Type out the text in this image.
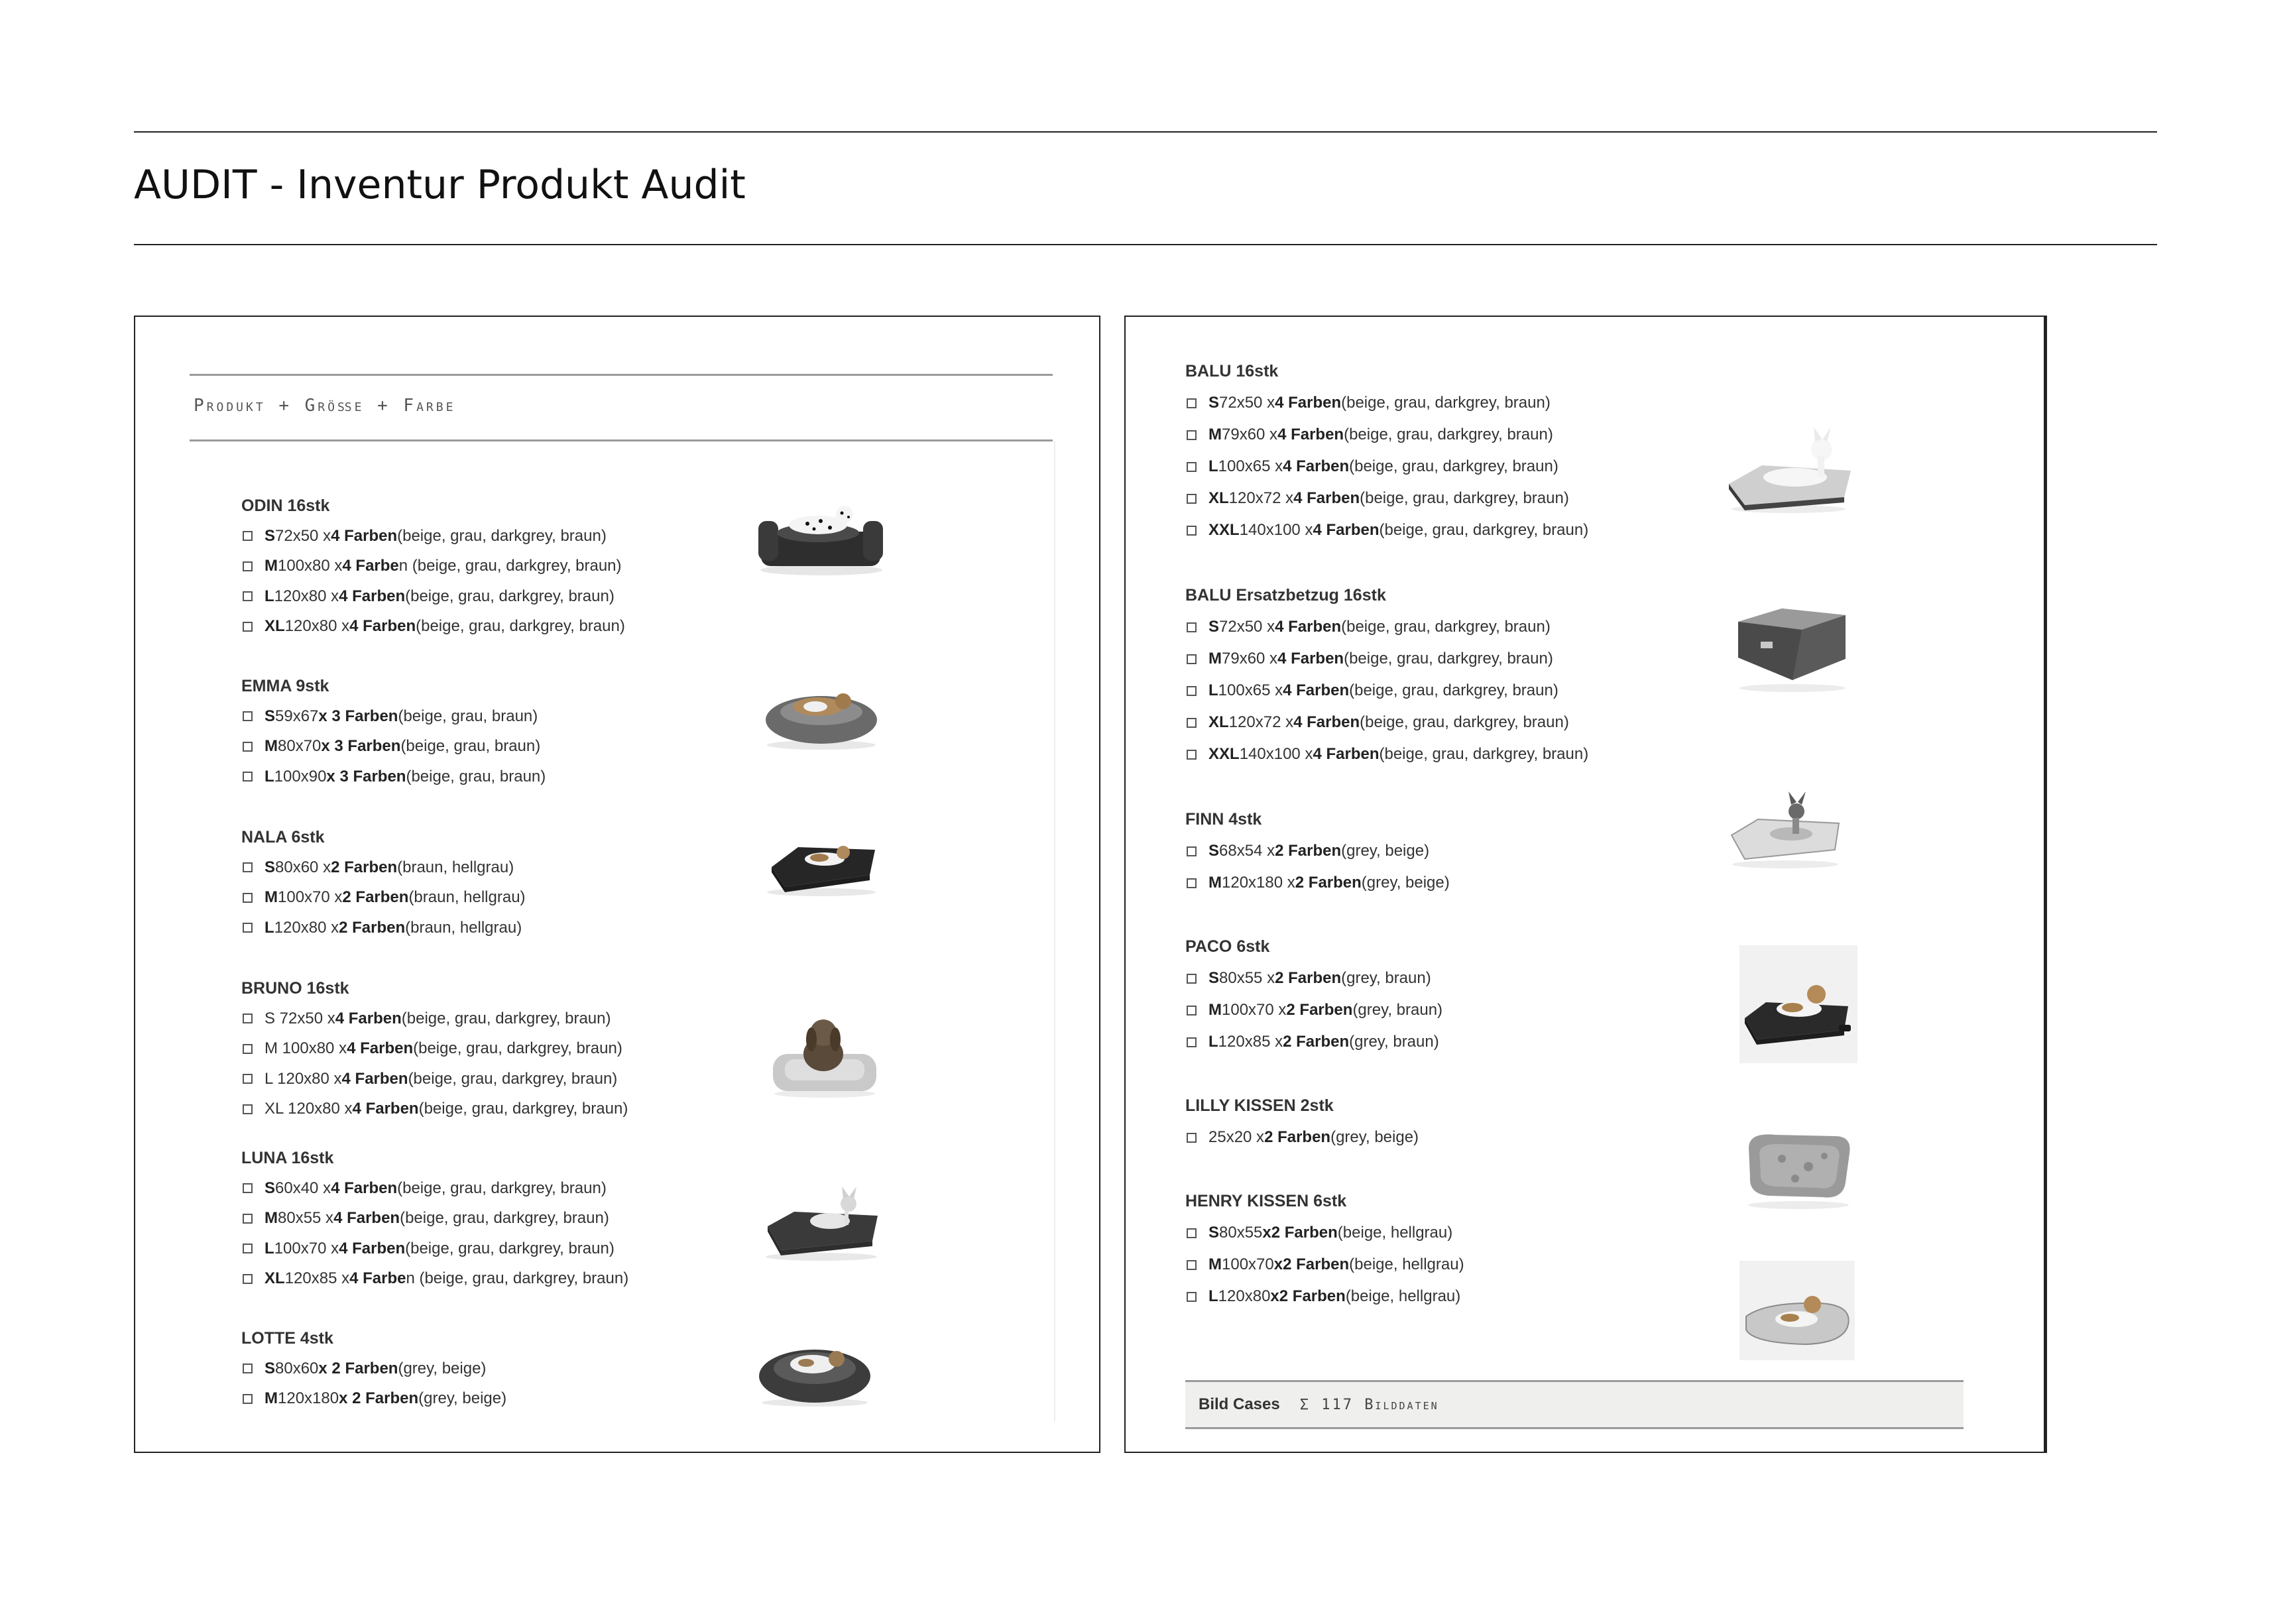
AUDIT - Inventur Produkt Audit
Produkt + Größe + Farbe
ODIN 16stk
S 72x50 x 4 Farben (beige, grau, darkgrey, braun)
M 100x80 x 4 Farbe n (beige, grau, darkgrey, braun)
L 120x80 x 4 Farben (beige, grau, darkgrey, braun)
XL 120x80 x 4 Farben (beige, grau, darkgrey, braun)
EMMA 9stk
S 59x67 x 3 Farben (beige, grau, braun)
M 80x70 x 3 Farben (beige, grau, braun)
L 100x90 x 3 Farben (beige, grau, braun)
NALA 6stk
S 80x60 x 2 Farben (braun, hellgrau)
M 100x70 x 2 Farben (braun, hellgrau)
L 120x80 x 2 Farben (braun, hellgrau)
BRUNO 16stk
S 72x50 x 4 Farben (beige, grau, darkgrey, braun)
M 100x80 x 4 Farben (beige, grau, darkgrey, braun)
L 120x80 x 4 Farben (beige, grau, darkgrey, braun)
XL 120x80 x 4 Farben (beige, grau, darkgrey, braun)
LUNA 16stk
S 60x40 x 4 Farben (beige, grau, darkgrey, braun)
M 80x55 x 4 Farben (beige, grau, darkgrey, braun)
L 100x70 x 4 Farben (beige, grau, darkgrey, braun)
XL 120x85 x 4 Farbe n (beige, grau, darkgrey, braun)
LOTTE 4stk
S 80x60 x 2 Farben (grey, beige)
M 120x180 x 2 Farben (grey, beige)
BALU 16stk
S 72x50 x 4 Farben (beige, grau, darkgrey, braun)
M 79x60 x 4 Farben (beige, grau, darkgrey, braun)
L 100x65 x 4 Farben (beige, grau, darkgrey, braun)
XL 120x72 x 4 Farben (beige, grau, darkgrey, braun)
XXL 140x100 x 4 Farben (beige, grau, darkgrey, braun)
BALU Ersatzbetzug 16stk
S 72x50 x 4 Farben (beige, grau, darkgrey, braun)
M 79x60 x 4 Farben (beige, grau, darkgrey, braun)
L 100x65 x 4 Farben (beige, grau, darkgrey, braun)
XL 120x72 x 4 Farben (beige, grau, darkgrey, braun)
XXL 140x100 x 4 Farben (beige, grau, darkgrey, braun)
FINN 4stk
S 68x54 x 2 Farben (grey, beige)
M 120x180 x 2 Farben (grey, beige)
PACO 6stk
S 80x55 x 2 Farben (grey, braun)
M 100x70 x 2 Farben (grey, braun)
L 120x85 x 2 Farben (grey, braun)
LILLY KISSEN 2stk
25x20 x 2 Farben (grey, beige)
HENRY KISSEN 6stk
S 80x55 x2 Farben (beige, hellgrau)
M 100x70 x2 Farben (beige, hellgrau)
L 120x80 x2 Farben (beige, hellgrau)
Bild Cases Σ 117 Bilddaten
